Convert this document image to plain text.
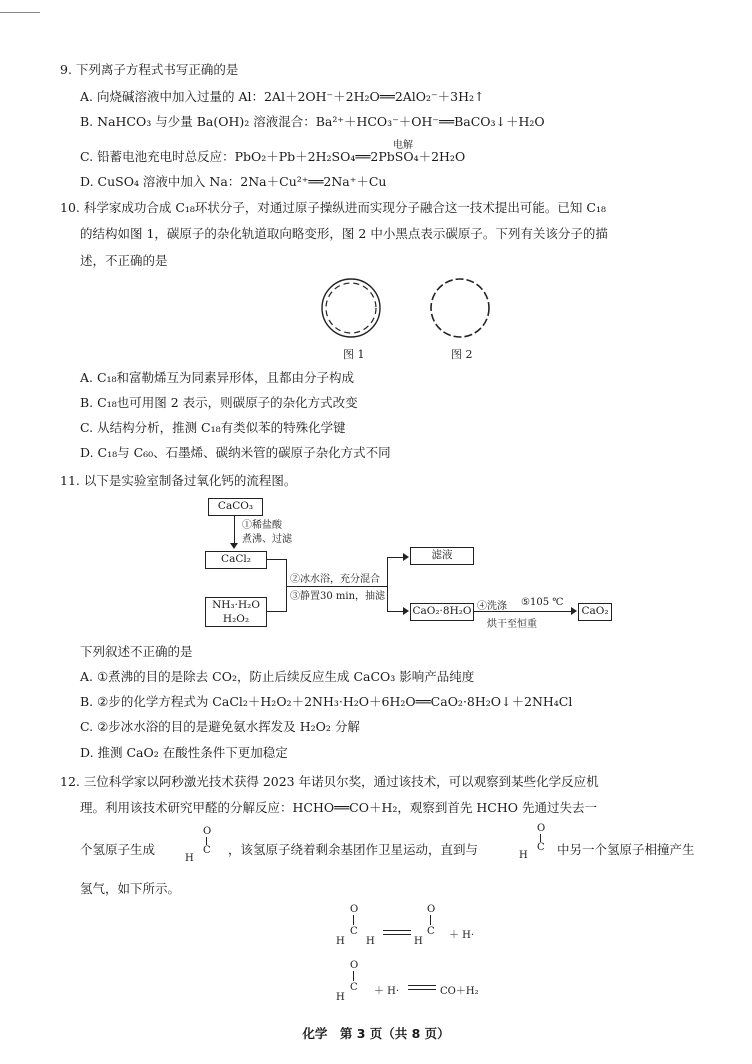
9. 下列离子方程式书写正确的是
A. 向烧碱溶液中加入过量的 Al：2Al＋2OH⁻＋2H₂O══2AlO₂⁻＋3H₂↑
B. NaHCO₃ 与少量 Ba(OH)₂ 溶液混合：Ba²⁺＋HCO₃⁻＋OH⁻══BaCO₃↓＋H₂O
电解
C. 铅蓄电池充电时总反应：PbO₂＋Pb＋2H₂SO₄══2PbSO₄＋2H₂O
D. CuSO₄ 溶液中加入 Na：2Na＋Cu²⁺══2Na⁺＋Cu
10. 科学家成功合成 C₁₈环状分子，对通过原子操纵进而实现分子融合这一技术提出可能。已知 C₁₈
的结构如图 1，碳原子的杂化轨道取向略变形，图 2 中小黑点表示碳原子。下列有关该分子的描
述，不正确的是
图 1	图 2
A. C₁₈和富勒烯互为同素异形体，且都由分子构成
B. C₁₈也可用图 2 表示，则碳原子的杂化方式改变
C. 从结构分析，推测 C₁₈有类似苯的特殊化学键
D. C₁₈与 C₆₀、石墨烯、碳纳米管的碳原子杂化方式不同
11. 以下是实验室制备过氧化钙的流程图。
CaCO₃
①稀盐酸
煮沸、过滤
CaCl₂
NH₃·H₂O
H₂O₂
②冰水浴，充分混合
③静置30 min，抽滤
滤液
CaO₂·8H₂O ④洗涤 ⑤105 ℃
烘干至恒重
CaO₂
下列叙述不正确的是
A. ①煮沸的目的是除去 CO₂，防止后续反应生成 CaCO₃ 影响产品纯度
B. ②步的化学方程式为 CaCl₂＋H₂O₂＋2NH₃·H₂O＋6H₂O══CaO₂·8H₂O↓＋2NH₄Cl
C. ②步冰水浴的目的是避免氨水挥发及 H₂O₂ 分解
D. 推测 CaO₂ 在酸性条件下更加稳定
12. 三位科学家以阿秒激光技术获得 2023 年诺贝尔奖，通过该技术，可以观察到某些化学反应机
理。利用该技术研究甲醛的分解反应：HCHO══CO＋H₂，观察到首先 HCHO 先通过失去一
个氢原子生成
O
C
H
，该氢原子绕着剩余基团作卫星运动，直到与
O
C
H 中另一个氢原子相撞产生
氢气，如下所示。
O
C
H H
O
C
H
＋ H·
O
C
H
＋ H·	CO＋H₂
化学　第 3 页（共 8 页）
